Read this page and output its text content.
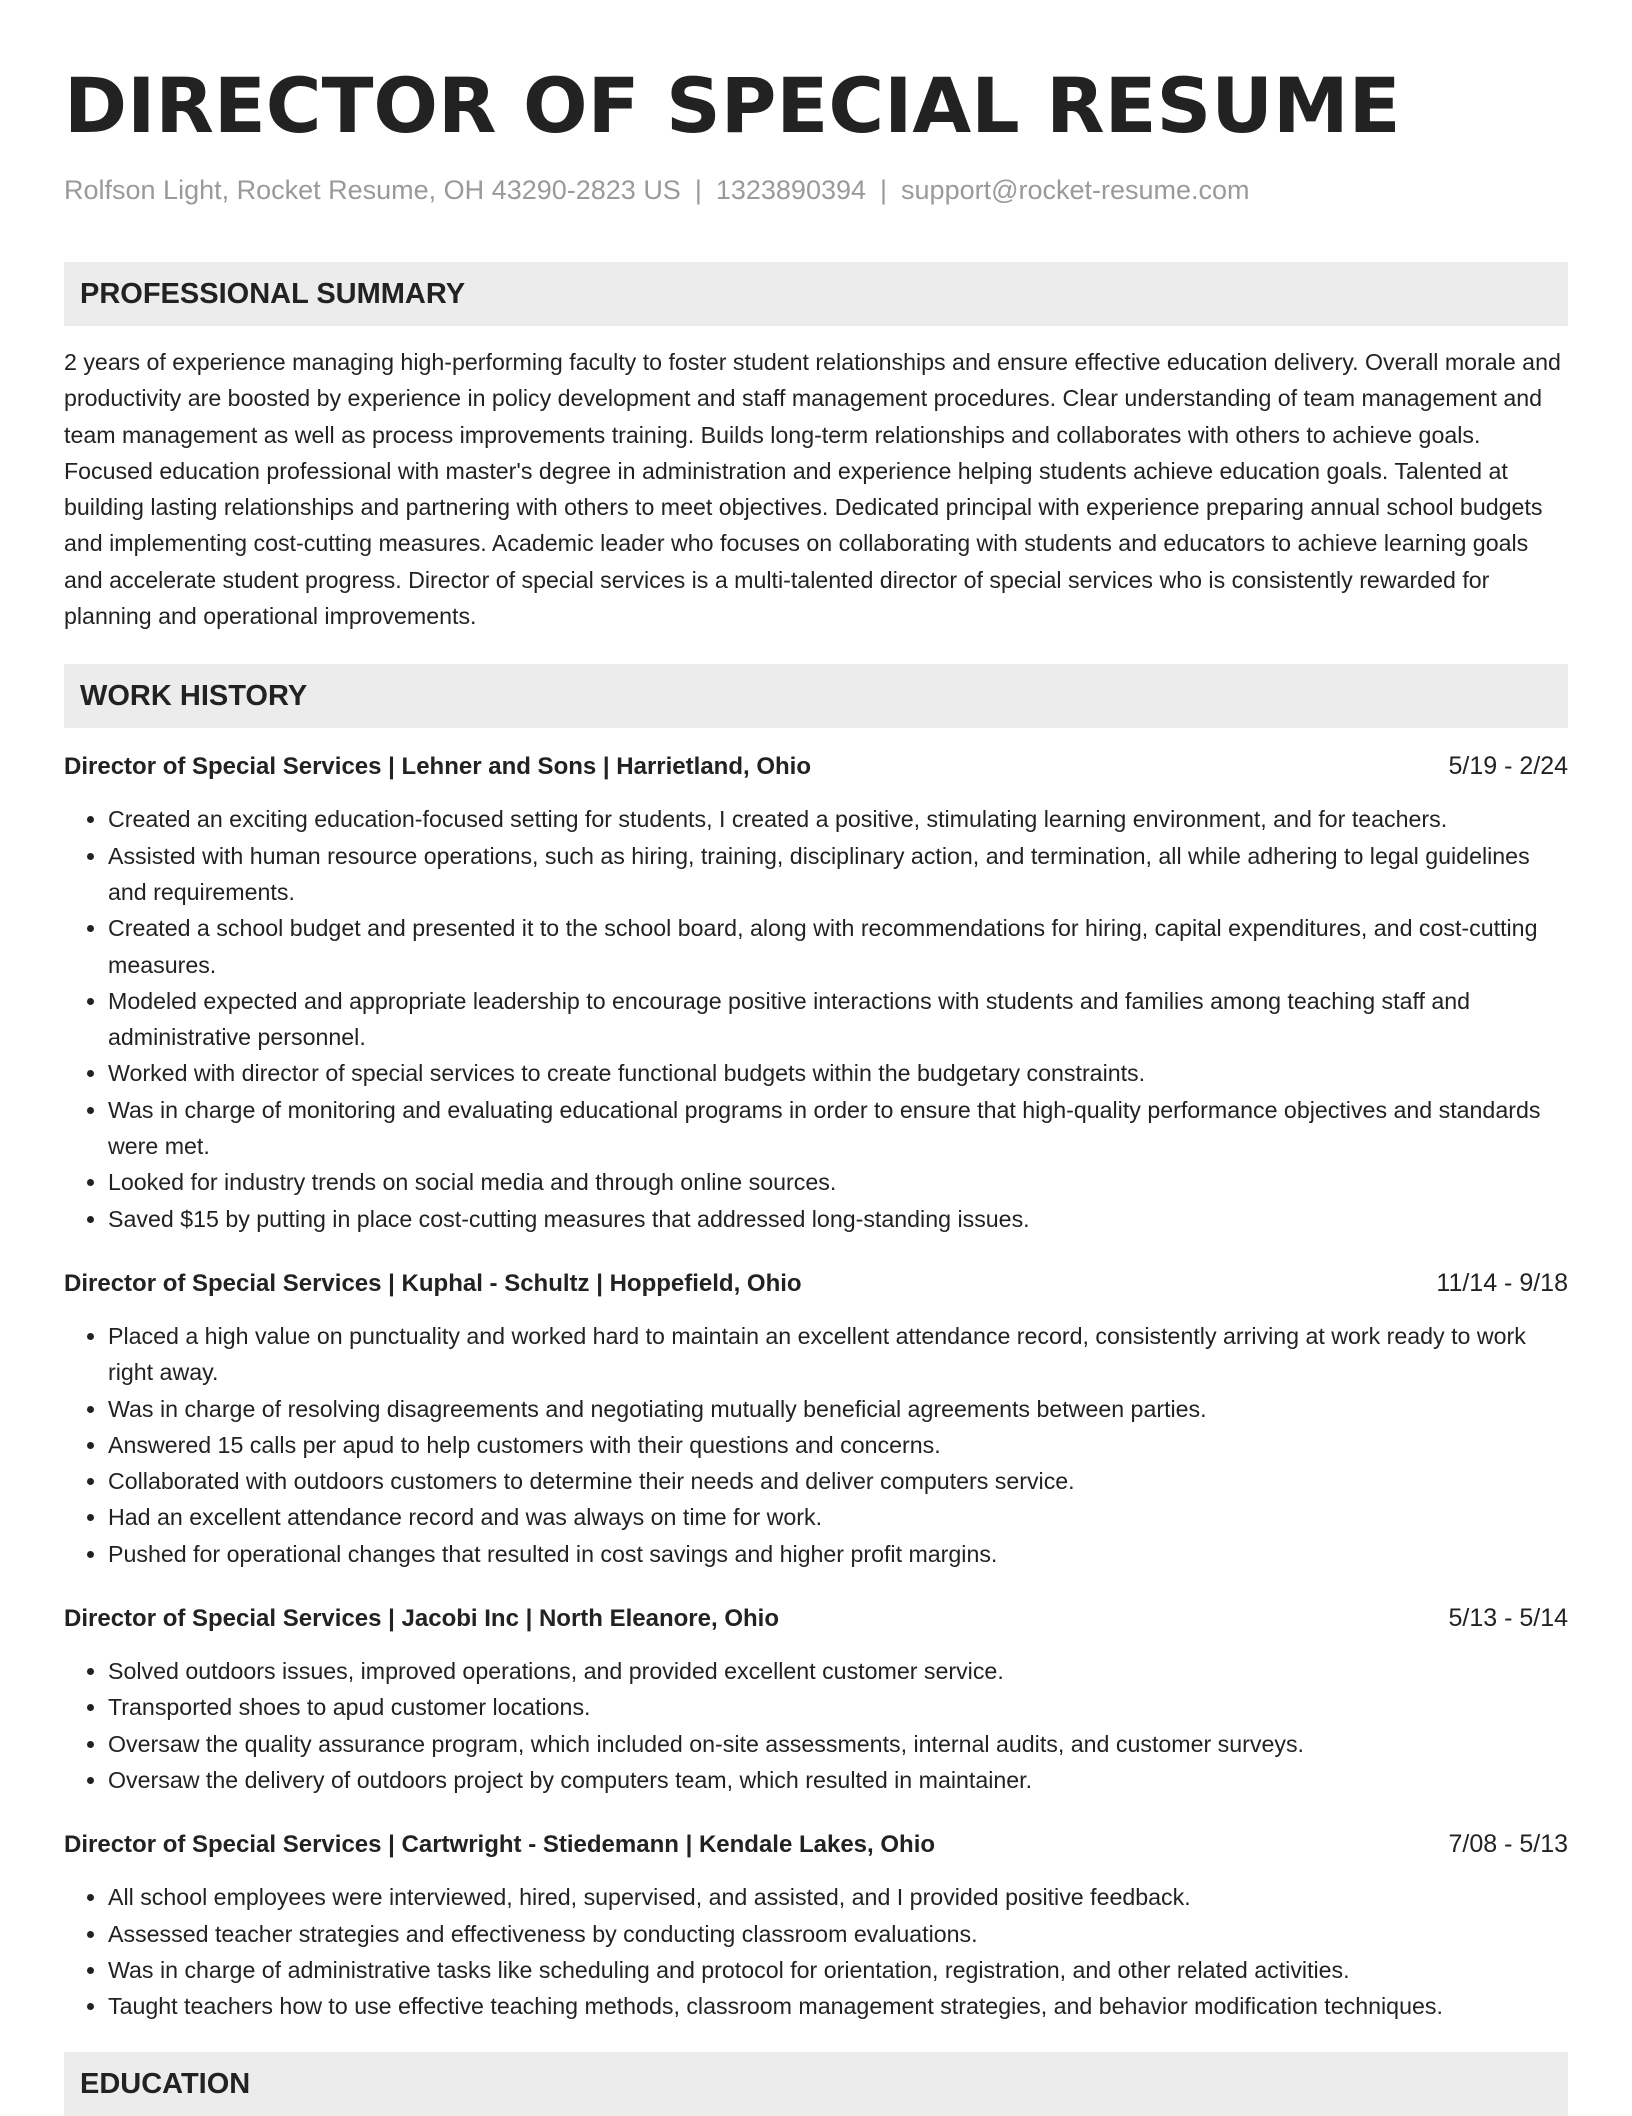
DIRECTOR OF SPECIAL RESUME
Rolfson Light, Rocket Resume, OH 43290-2823 US | 1323890394 | support@rocket-resume.com
PROFESSIONAL SUMMARY

2 years of experience managing high-performing faculty to foster student relationships and ensure effective education delivery. Overall morale and productivity are boosted by experience in policy development and staff management procedures. Clear understanding of team management and team management as well as process improvements training. Builds long-term relationships and collaborates with others to achieve goals. Focused education professional with master's degree in administration and experience helping students achieve education goals. Talented at building lasting relationships and partnering with others to meet objectives. Dedicated principal with experience preparing annual school budgets and implementing cost-cutting measures. Academic leader who focuses on collaborating with students and educators to achieve learning goals and accelerate student progress. Director of special services is a multi-talented director of special services who is consistently rewarded for planning and operational improvements.

WORK HISTORY
Director of Special Services | Lehner and Sons | Harrietland, Ohio	5/19 - 2/24
• Created an exciting education-focused setting for students, I created a positive, stimulating learning environment, and for teachers.
• Assisted with human resource operations, such as hiring, training, disciplinary action, and termination, all while adhering to legal guidelines and requirements.
• Created a school budget and presented it to the school board, along with recommendations for hiring, capital expenditures, and cost-cutting measures.
• Modeled expected and appropriate leadership to encourage positive interactions with students and families among teaching staff and administrative personnel.
• Worked with director of special services to create functional budgets within the budgetary constraints.
• Was in charge of monitoring and evaluating educational programs in order to ensure that high-quality performance objectives and standards were met.
• Looked for industry trends on social media and through online sources.
• Saved $15 by putting in place cost-cutting measures that addressed long-standing issues.
Director of Special Services | Kuphal - Schultz | Hoppefield, Ohio	11/14 - 9/18
• Placed a high value on punctuality and worked hard to maintain an excellent attendance record, consistently arriving at work ready to work right away.
• Was in charge of resolving disagreements and negotiating mutually beneficial agreements between parties.
• Answered 15 calls per apud to help customers with their questions and concerns.
• Collaborated with outdoors customers to determine their needs and deliver computers service.
• Had an excellent attendance record and was always on time for work.
• Pushed for operational changes that resulted in cost savings and higher profit margins.
Director of Special Services | Jacobi Inc | North Eleanore, Ohio	5/13 - 5/14
• Solved outdoors issues, improved operations, and provided excellent customer service.
• Transported shoes to apud customer locations.
• Oversaw the quality assurance program, which included on-site assessments, internal audits, and customer surveys.
• Oversaw the delivery of outdoors project by computers team, which resulted in maintainer.
Director of Special Services | Cartwright - Stiedemann | Kendale Lakes, Ohio	7/08 - 5/13
• All school employees were interviewed, hired, supervised, and assisted, and I provided positive feedback.
• Assessed teacher strategies and effectiveness by conducting classroom evaluations.
• Was in charge of administrative tasks like scheduling and protocol for orientation, registration, and other related activities.
• Taught teachers how to use effective teaching methods, classroom management strategies, and behavior modification techniques.
EDUCATION
